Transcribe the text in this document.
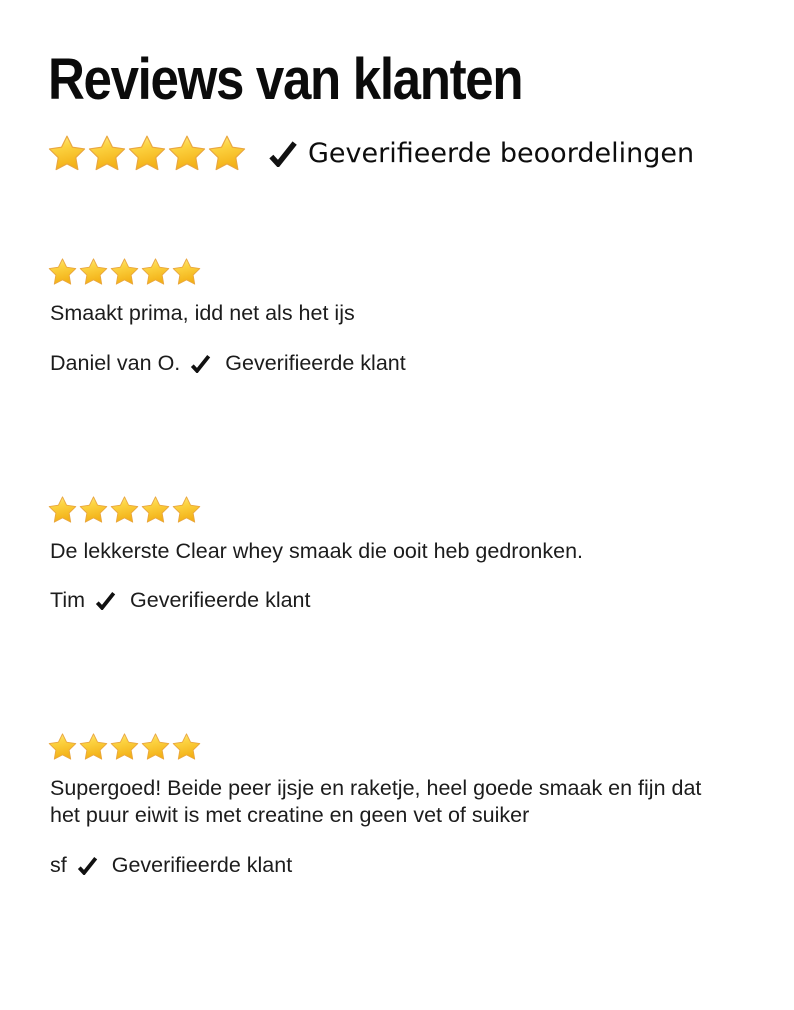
Reviews van klanten
Geverifieerde beoordelingen

Smaakt prima, idd net als het ijs

Daniel van O. Geverifieerde klant

De lekkerste Clear whey smaak die ooit heb gedronken.

Tim Geverifieerde klant

Supergoed! Beide peer ijsje en raketje, heel goede smaak en fijn dat het puur eiwit is met creatine en geen vet of suiker

sf Geverifieerde klant
